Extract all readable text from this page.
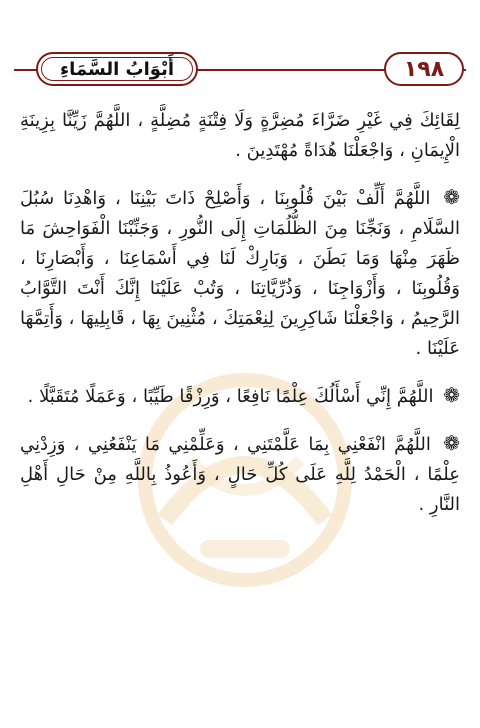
أَبْوَابُ السَّمَاءِ	١٩٨

لِقَائِكَ فِي غَيْرِ ضَرَّاءَ مُضِرَّةٍ وَلَا فِتْنَةٍ مُضِلَّةٍ ، اللَّهُمَّ زَيِّنَّا بِزِينَةِ الْإِيمَانِ ، وَاجْعَلْنَا هُدَاةً مُهْتَدِينَ .

❁ اللَّهُمَّ أَلِّفْ بَيْنَ قُلُوبِنَا ، وَأَصْلِحْ ذَاتَ بَيْنِنَا ، وَاهْدِنَا سُبُلَ السَّلَامِ ، وَنَجِّنَا مِنَ الظُّلُمَاتِ إِلَى النُّورِ ، وَجَنِّبْنَا الْفَوَاحِشَ مَا ظَهَرَ مِنْهَا وَمَا بَطَنَ ، وَبَارِكْ لَنَا فِي أَسْمَاعِنَا ، وَأَبْصَارِنَا ، وَقُلُوبِنَا ، وَأَزْوَاجِنَا ، وَذُرِّيَّاتِنَا ، وَتُبْ عَلَيْنَا إِنَّكَ أَنْتَ التَّوَّابُ الرَّحِيمُ ، وَاجْعَلْنَا شَاكِرِينَ لِنِعْمَتِكَ ، مُثْنِينَ بِهَا ، قَابِلِيهَا ، وَأَتِمَّهَا عَلَيْنَا .

❁ اللَّهُمَّ إِنِّي أَسْأَلُكَ عِلْمًا نَافِعًا ، وَرِزْقًا طَيِّبًا ، وَعَمَلًا مُتَقَبَّلًا .

❁ اللَّهُمَّ انْفَعْنِي بِمَا عَلَّمْتَنِي ، وَعَلِّمْنِي مَا يَنْفَعُنِي ، وَزِدْنِي عِلْمًا ، الْحَمْدُ لِلَّهِ عَلَى كُلِّ حَالٍ ، وَأَعُوذُ بِاللَّهِ مِنْ حَالِ أَهْلِ النَّارِ .
